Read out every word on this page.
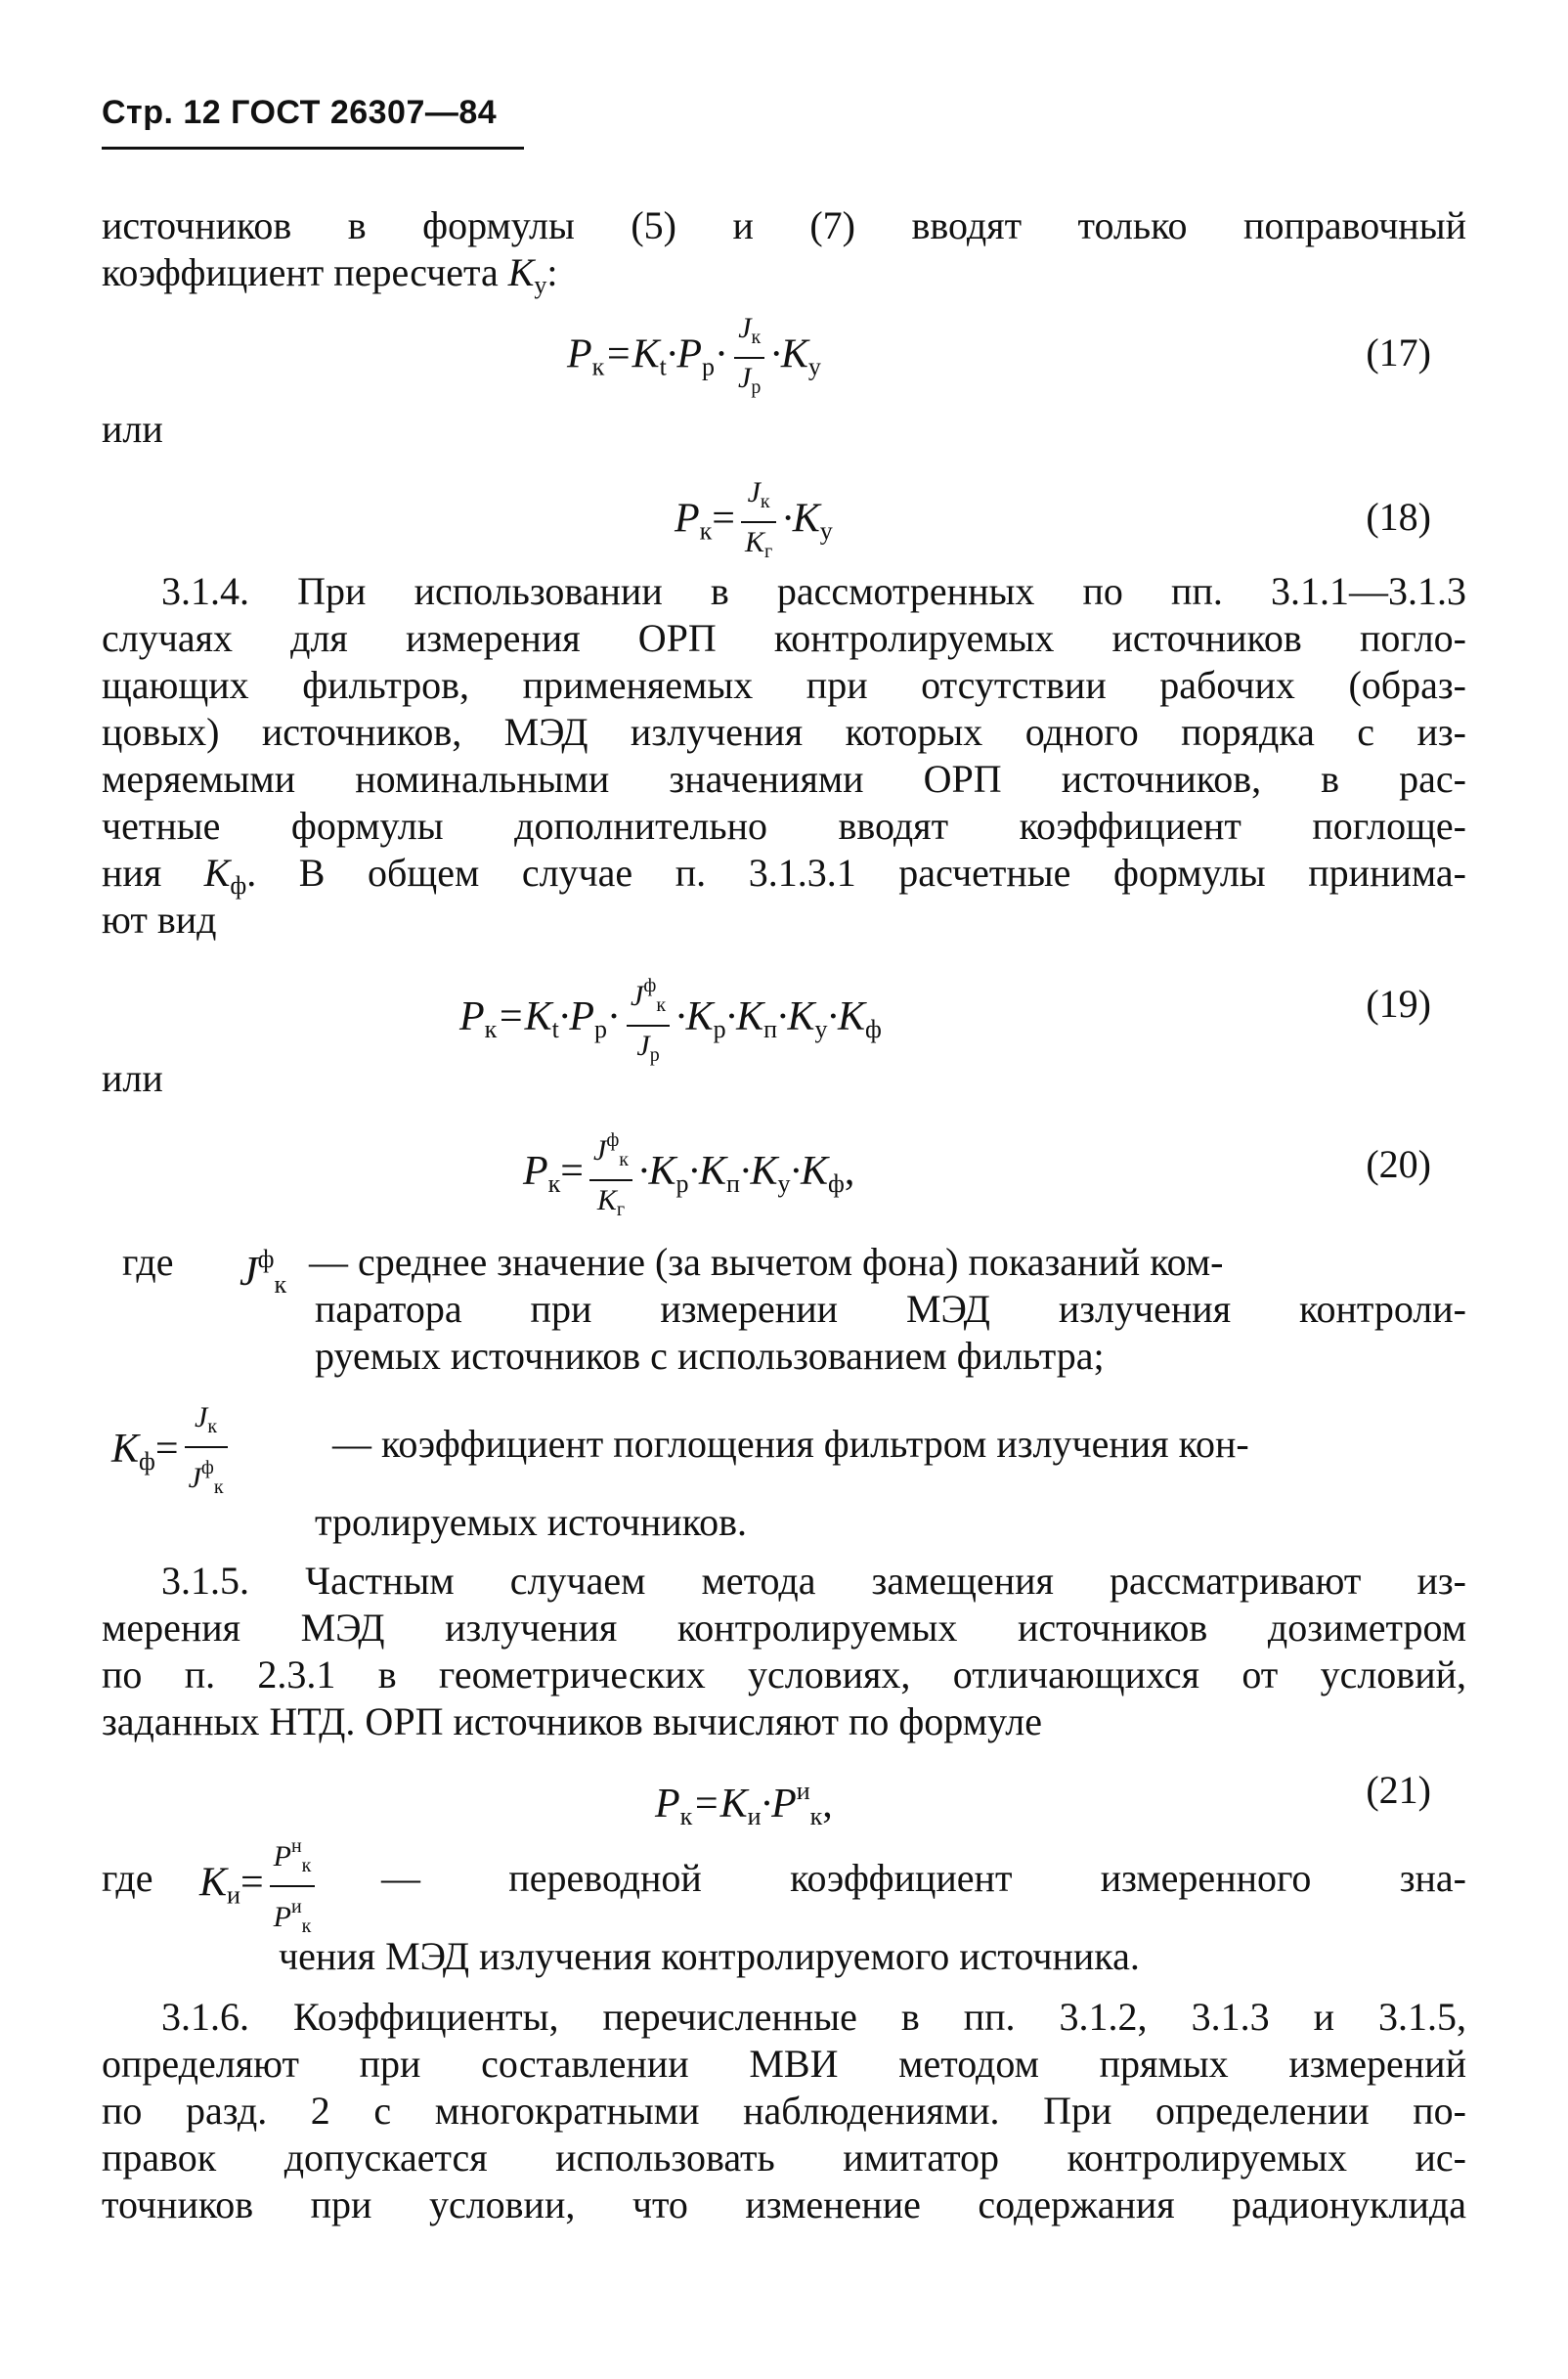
Стр. 12 ГОСТ 26307—84
источников в формулы (5) и (7) вводят только поправочный
коэффициент пересчета $К_у$:
$P_к=K_t\cdot P_р\cdot \frac{J_к}{J_р} \cdot K_у$	(17)
или
$P_к= \frac{J_к}{K_г} \cdot K_у$	(18)
3.1.4. При использовании в рассмотренных по пп. 3.1.1—3.1.3
случаях для измерения ОРП контролируемых источников погло-
щающих фильтров, применяемых при отсутствии рабочих (образ-
цовых) источников, МЭД излучения которых одного порядка с из-
меряемыми номинальными значениями ОРП источников, в рас-
четные формулы дополнительно вводят коэффициент поглоще-
ния $К_ф$. В общем случае п. 3.1.3.1 расчетные формулы принима-
ют вид
$P_к=K_t\cdot P_р\cdot \frac{J^ф_к}{J_р} \cdot K_р\cdot K_п\cdot K_у\cdot K_ф$
(19)
или
$P_к= \frac{J^ф_к}{K_г} \cdot K_р\cdot K_п\cdot K_у\cdot K_ф$,	(20)
где	$J^ф_к$
— среднее значение (за вычетом фона) показаний ком-
паратора при измерении МЭД излучения контроли-
руемых источников с использованием фильтра;
$K_ф= \frac{J_к}{J^ф_к}$	— коэффициент поглощения фильтром излучения кон-
тролируемых источников.
3.1.5. Частным случаем метода замещения рассматривают из-
мерения МЭД излучения контролируемых источников дозиметром
по п. 2.3.1 в геометрических условиях, отличающихся от условий,
заданных НТД. ОРП источников вычисляют по формуле
$P_к=K_и\cdot P^и_к$,	(21)
где	$K_и= \frac{P^н_к}{P^и_к}$ — переводной коэффициент измеренного зна-
чения МЭД излучения контролируемого источника.
3.1.6. Коэффициенты, перечисленные в пп. 3.1.2, 3.1.3 и 3.1.5,
определяют при составлении МВИ методом прямых измерений
по разд. 2 с многократными наблюдениями. При определении по-
правок допускается использовать имитатор контролируемых ис-
точников при условии, что изменение содержания радионуклида
